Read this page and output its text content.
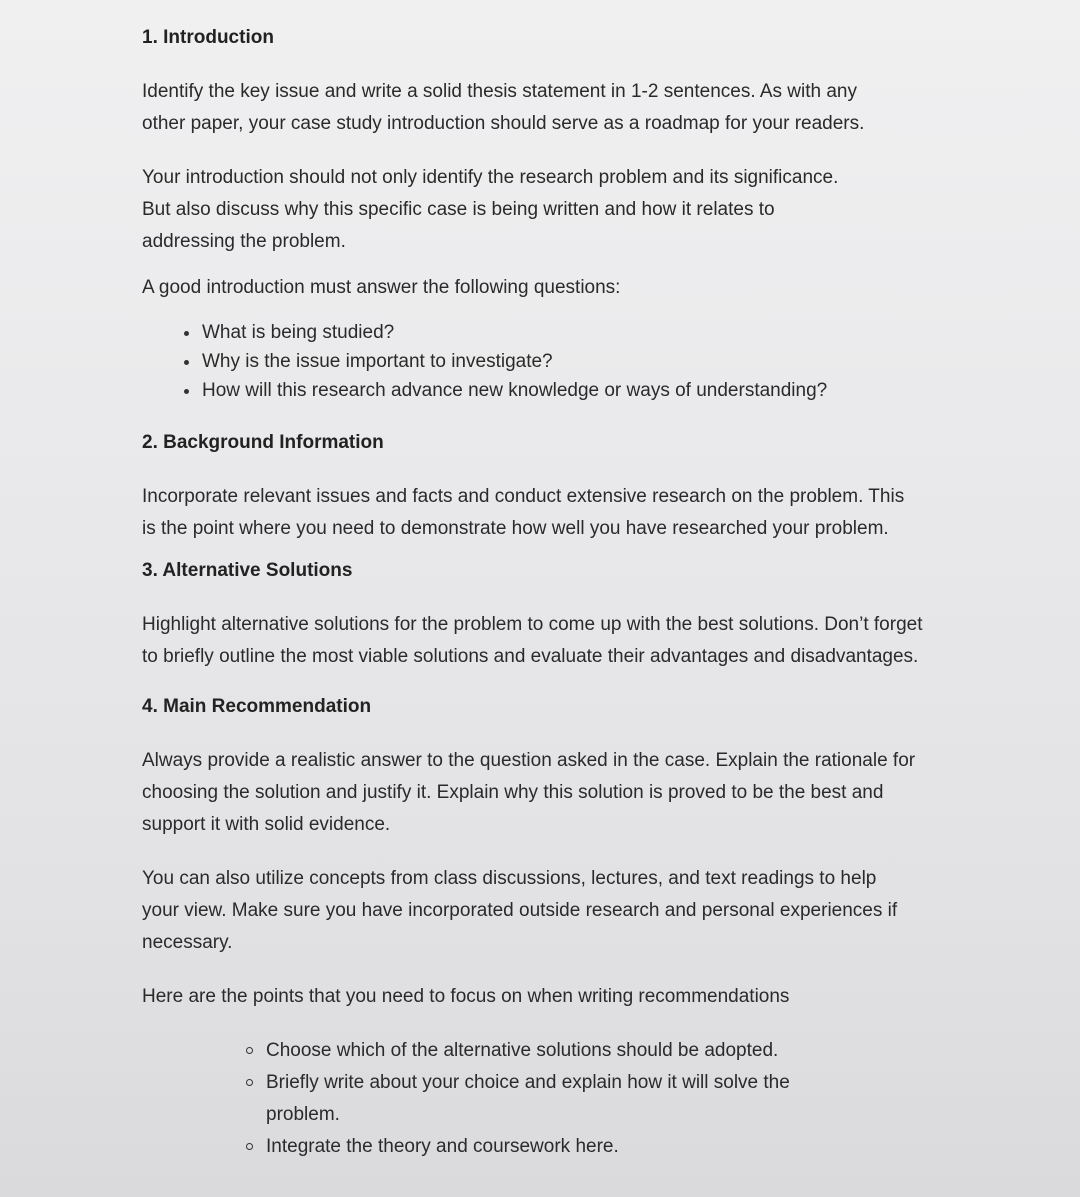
1. Introduction

Identify the key issue and write a solid thesis statement in 1-2 sentences. As with any other paper, your case study introduction should serve as a roadmap for your readers.

Your introduction should not only identify the research problem and its significance. But also discuss why this specific case is being written and how it relates to addressing the problem.

A good introduction must answer the following questions:

What is being studied?
Why is the issue important to investigate?
How will this research advance new knowledge or ways of understanding?
2. Background Information

Incorporate relevant issues and facts and conduct extensive research on the problem. This is the point where you need to demonstrate how well you have researched your problem.

3. Alternative Solutions

Highlight alternative solutions for the problem to come up with the best solutions. Don’t forget to briefly outline the most viable solutions and evaluate their advantages and disadvantages.

4. Main Recommendation

Always provide a realistic answer to the question asked in the case. Explain the rationale for choosing the solution and justify it. Explain why this solution is proved to be the best and support it with solid evidence.

You can also utilize concepts from class discussions, lectures, and text readings to help your view. Make sure you have incorporated outside research and personal experiences if necessary.

Here are the points that you need to focus on when writing recommendations

Choose which of the alternative solutions should be adopted.
Briefly write about your choice and explain how it will solve the problem.
Integrate the theory and coursework here.
